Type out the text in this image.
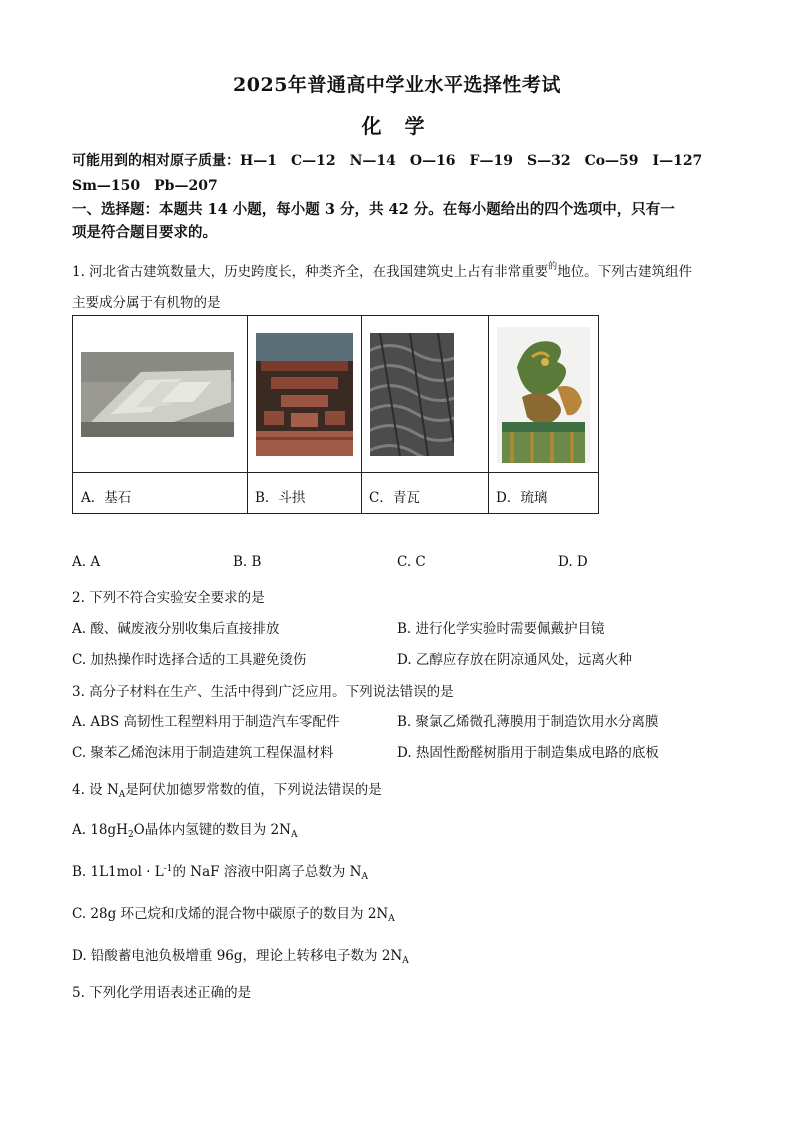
2025年普通高中学业水平选择性考试
化 学
可能用到的相对原子质量：H—1　C—12　N—14　O—16　F—19　S—32　Co—59　I—127
Sm—150　Pb—207
一、选择题：本题共 14 小题，每小题 3 分，共 42 分。在每小题给出的四个选项中，只有一
项是符合题目要求的。
1. 河北省古建筑数量大，历史跨度长，种类齐全，在我国建筑史上占有非常重要$^的$地位。下列古建筑组件
主要成分属于有机物的是
A．基石	B．斗拱	C．青瓦	D．琉璃
A. A	B. B	C. C	D. D
2. 下列不符合实验安全要求的是
A. 酸、碱废液分别收集后直接排放	B. 进行化学实验时需要佩戴护目镜
C. 加热操作时选择合适的工具避免烫伤	D. 乙醇应存放在阴凉通风处，远离火种
3. 高分子材料在生产、生活中得到广泛应用。下列说法错误的是
A. ABS 高韧性工程塑料用于制造汽车零配件	B. 聚氯乙烯微孔薄膜用于制造饮用水分离膜
C. 聚苯乙烯泡沫用于制造建筑工程保温材料	D. 热固性酚醛树脂用于制造集成电路的底板
4. 设 $N_A$是阿伏加德罗常数的值，下列说法错误的是
A. $18gH_2O$晶体内氢键的数目为 $2N_A$
B. $1L1mol \cdot L^{-1}$的 NaF 溶液中阳离子总数为 $N_A$
C. 28g 环己烷和戊烯的混合物中碳原子的数目为 $2N_A$
D. 铅酸蓄电池负极增重 96g，理论上转移电子数为 $2N_A$
5. 下列化学用语表述正确的是
